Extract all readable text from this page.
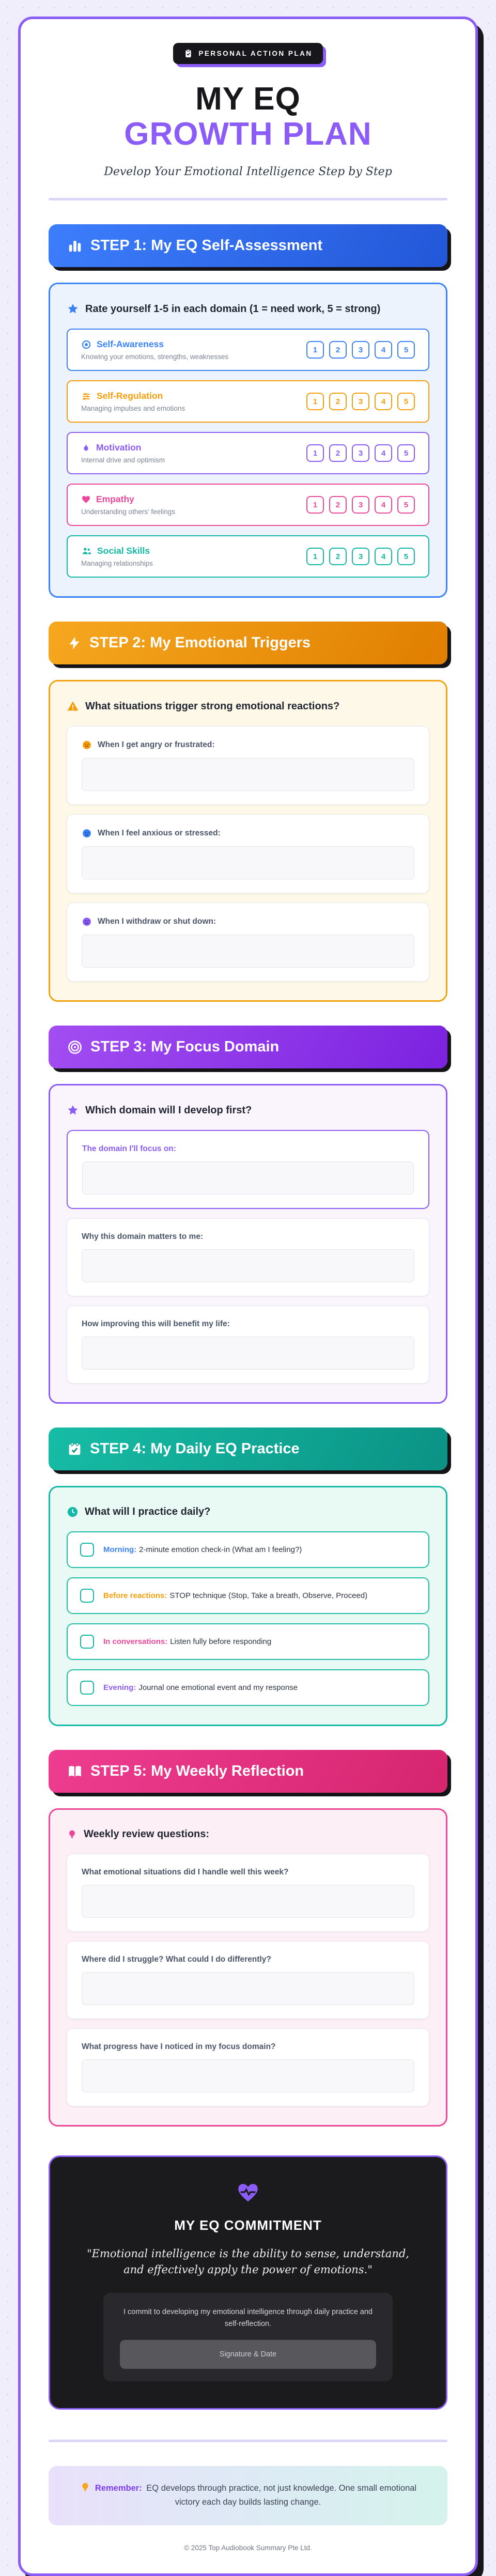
PERSONAL ACTION PLAN
MY EQ
GROWTH PLAN
Develop Your Emotional Intelligence Step by Step
STEP 1: My EQ Self-Assessment
Rate yourself 1-5 in each domain (1 = need work, 5 = strong)
Self-Awareness
Knowing your emotions, strengths, weaknesses
1	2	3	4	5
Self-Regulation
Managing impulses and emotions
1	2	3	4	5
Motivation
Internal drive and optimism
1	2	3	4	5
Empathy
Understanding others' feelings
1	2	3	4	5
Social Skills
Managing relationships
1	2	3	4	5
STEP 2: My Emotional Triggers
What situations trigger strong emotional reactions?
When I get angry or frustrated:
When I feel anxious or stressed:
When I withdraw or shut down:
STEP 3: My Focus Domain
Which domain will I develop first?
The domain I'll focus on:
Why this domain matters to me:
How improving this will benefit my life:
STEP 4: My Daily EQ Practice
What will I practice daily?
Morning: 2-minute emotion check-in (What am I feeling?)
Before reactions: STOP technique (Stop, Take a breath, Observe, Proceed)
In conversations: Listen fully before responding
Evening: Journal one emotional event and my response
STEP 5: My Weekly Reflection
Weekly review questions:
What emotional situations did I handle well this week?
Where did I struggle? What could I do differently?
What progress have I noticed in my focus domain?
MY EQ COMMITMENT
"Emotional intelligence is the ability to sense, understand, and effectively apply the power of emotions."
I commit to developing my emotional intelligence through daily practice and self-reflection.
Signature & Date
Remember: EQ develops through practice, not just knowledge. One small emotional victory each day builds lasting change.
© 2025 Top Audiobook Summary Pte Ltd.
